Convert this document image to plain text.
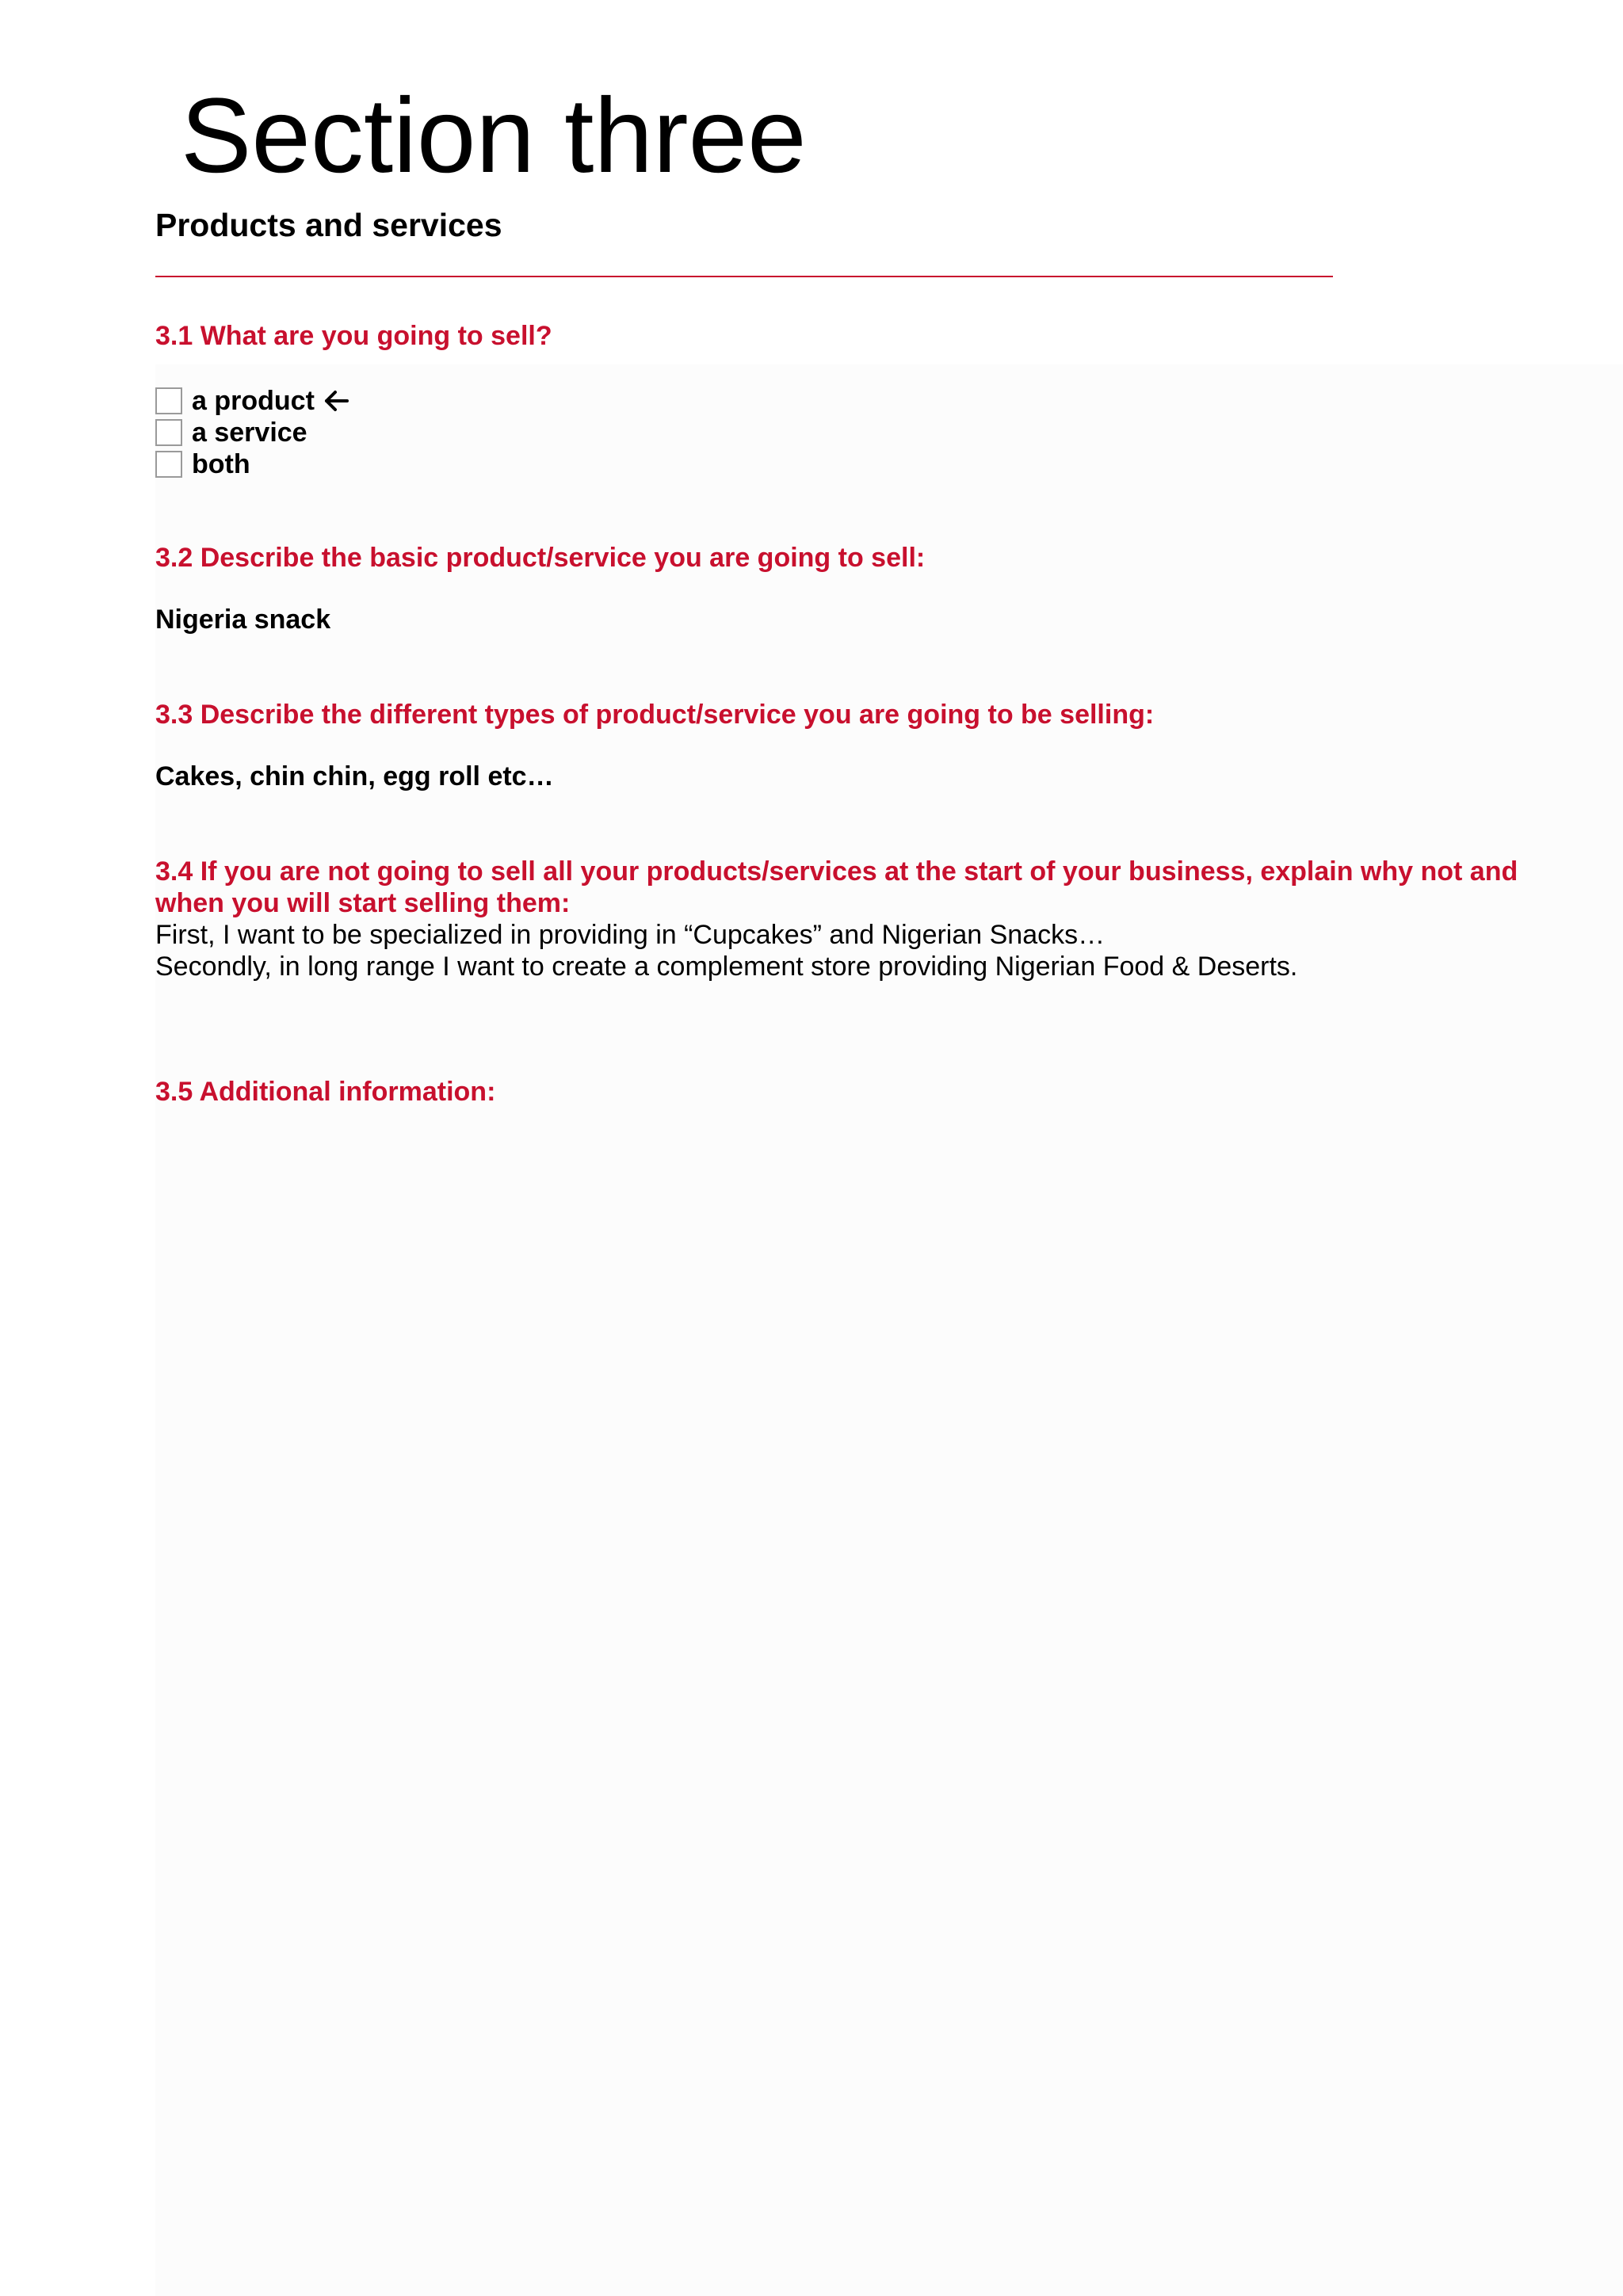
Section three
Products and services
3.1 What are you going to sell?
a product
a service
both
3.2 Describe the basic product/service you are going to sell:
Nigeria snack
3.3 Describe the different types of product/service you are going to be selling:
Cakes, chin chin, egg roll etc…
3.4 If you are not going to sell all your products/services at the start of your business, explain why not and
when you will start selling them:
First, I want to be specialized in providing in “Cupcakes” and Nigerian Snacks…
Secondly, in long range I want to create a complement store providing Nigerian Food & Deserts.
3.5 Additional information:
